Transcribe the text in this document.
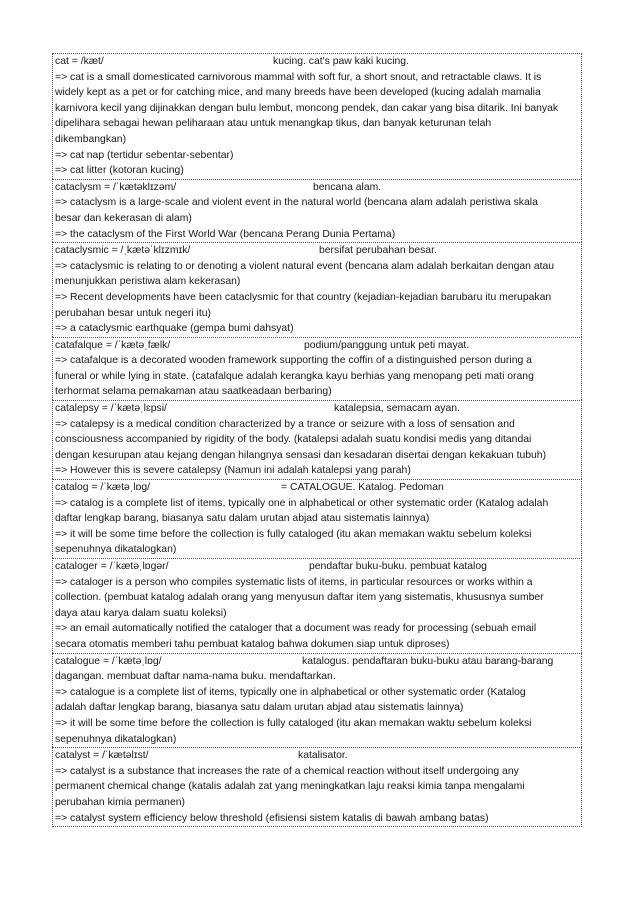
cat = /kæt/	kucing. cat's paw kaki kucing.
=> cat is a small domesticated carnivorous mammal with soft fur, a short snout, and retractable claws. It is
widely kept as a pet or for catching mice, and many breeds have been developed (kucing adalah mamalia
karnivora kecil yang dijinakkan dengan bulu lembut, moncong pendek, dan cakar yang bisa ditarik. Ini banyak
dipelihara sebagai hewan peliharaan atau untuk menangkap tikus, dan banyak keturunan telah
dikembangkan)
=> cat nap (tertidur sebentar-sebentar)
=> cat litter (kotoran kucing)
cataclysm = /ˈkætəklɪzəm/	bencana alam.
=> cataclysm is a large-scale and violent event in the natural world (bencana alam adalah peristiwa skala
besar dan kekerasan di alam)
=> the cataclysm of the First World War (bencana Perang Dunia Pertama)
cataclysmic = /ˌkætəˈklɪzmɪk/	bersifat perubahan besar.
=> cataclysmic is relating to or denoting a violent natural event (bencana alam adalah berkaitan dengan atau
menunjukkan peristiwa alam kekerasan)
=> Recent developments have been cataclysmic for that country (kejadian-kejadian barubaru itu merupakan
perubahan besar untuk negeri itu)
=> a cataclysmic earthquake (gempa bumi dahsyat)
catafalque = /ˈkætəˌfælk/	podium/panggung untuk peti mayat.
=> catafalque is a decorated wooden framework supporting the coffin of a distinguished person during a
funeral or while lying in state. (catafalque adalah kerangka kayu berhias yang menopang peti mati orang
terhormat selama pemakaman atau saatkeadaan berbaring)
catalepsy = /ˈkætəˌlɛpsi/	katalepsia, semacam ayan.
=> catalepsy is a medical condition characterized by a trance or seizure with a loss of sensation and
consciousness accompanied by rigidity of the body. (katalepsi adalah suatu kondisi medis yang ditandai
dengan kesurupan atau kejang dengan hilangnya sensasi dan kesadaran disertai dengan kekakuan tubuh)
=> However this is severe catalepsy (Namun ini adalah katalepsi yang parah)
catalog = /ˈkætəˌlɒg/	= CATALOGUE. Katalog. Pedoman
=> catalog is a complete list of items, typically one in alphabetical or other systematic order (Katalog adalah
daftar lengkap barang, biasanya satu dalam urutan abjad atau sistematis lainnya)
=> it will be some time before the collection is fully cataloged (itu akan memakan waktu sebelum koleksi
sepenuhnya dikatalogkan)
cataloger = /ˈkætəˌlɒgər/	pendaftar buku-buku. pembuat katalog
=> cataloger is a person who compiles systematic lists of items, in particular resources or works within a
collection. (pembuat katalog adalah orang yang menyusun daftar item yang sistematis, khususnya sumber
daya atau karya dalam suatu koleksi)
=> an email automatically notified the cataloger that a document was ready for processing (sebuah email
secara otomatis memberi tahu pembuat katalog bahwa dokumen siap untuk diproses)
catalogue = /ˈkætəˌlɒg/	katalogus. pendaftaran buku-buku atau barang-barang
dagangan. membuat daftar nama-nama buku. mendaftarkan.
=> catalogue is a complete list of items, typically one in alphabetical or other systematic order (Katalog
adalah daftar lengkap barang, biasanya satu dalam urutan abjad atau sistematis lainnya)
=> it will be some time before the collection is fully cataloged (itu akan memakan waktu sebelum koleksi
sepenuhnya dikatalogkan)
catalyst = /ˈkætəlɪst/	katalisator.
=> catalyst is a substance that increases the rate of a chemical reaction without itself undergoing any
permanent chemical change (katalis adalah zat yang meningkatkan laju reaksi kimia tanpa mengalami
perubahan kimia permanen)
=> catalyst system efficiency below threshold (efisiensi sistem katalis di bawah ambang batas)
